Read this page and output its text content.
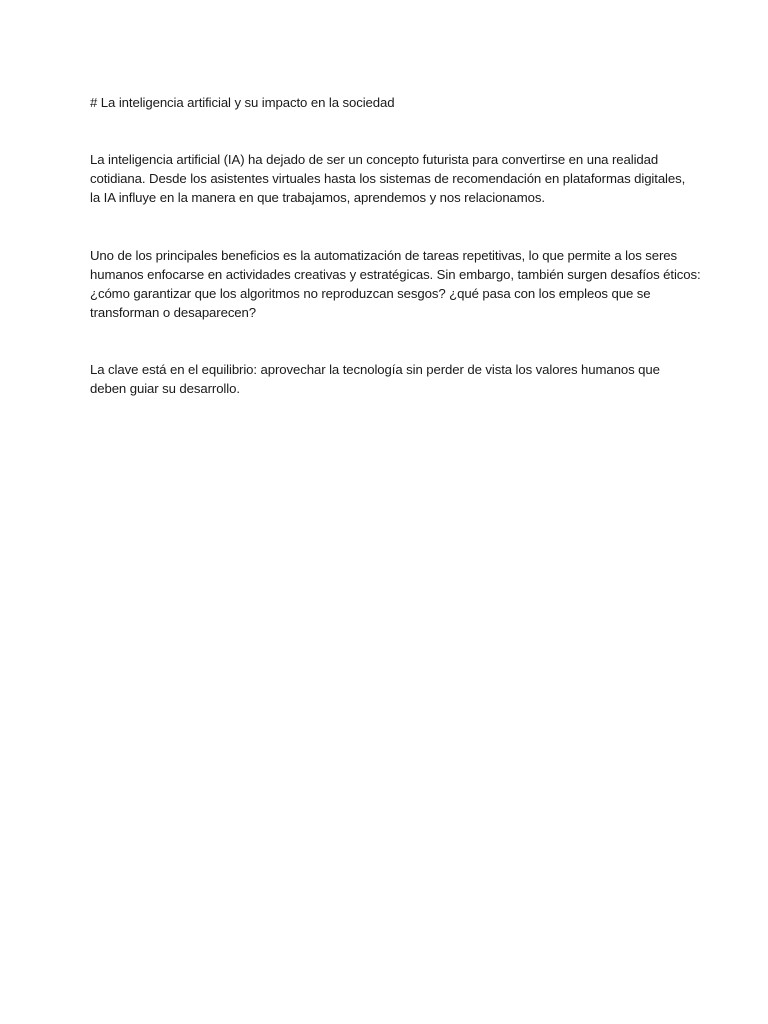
# La inteligencia artificial y su impacto en la sociedad

La inteligencia artificial (IA) ha dejado de ser un concepto futurista para convertirse en una realidad
cotidiana. Desde los asistentes virtuales hasta los sistemas de recomendación en plataformas digitales,
la IA influye en la manera en que trabajamos, aprendemos y nos relacionamos.

Uno de los principales beneficios es la automatización de tareas repetitivas, lo que permite a los seres
humanos enfocarse en actividades creativas y estratégicas. Sin embargo, también surgen desafíos éticos:
¿cómo garantizar que los algoritmos no reproduzcan sesgos? ¿qué pasa con los empleos que se
transforman o desaparecen?

La clave está en el equilibrio: aprovechar la tecnología sin perder de vista los valores humanos que
deben guiar su desarrollo.
